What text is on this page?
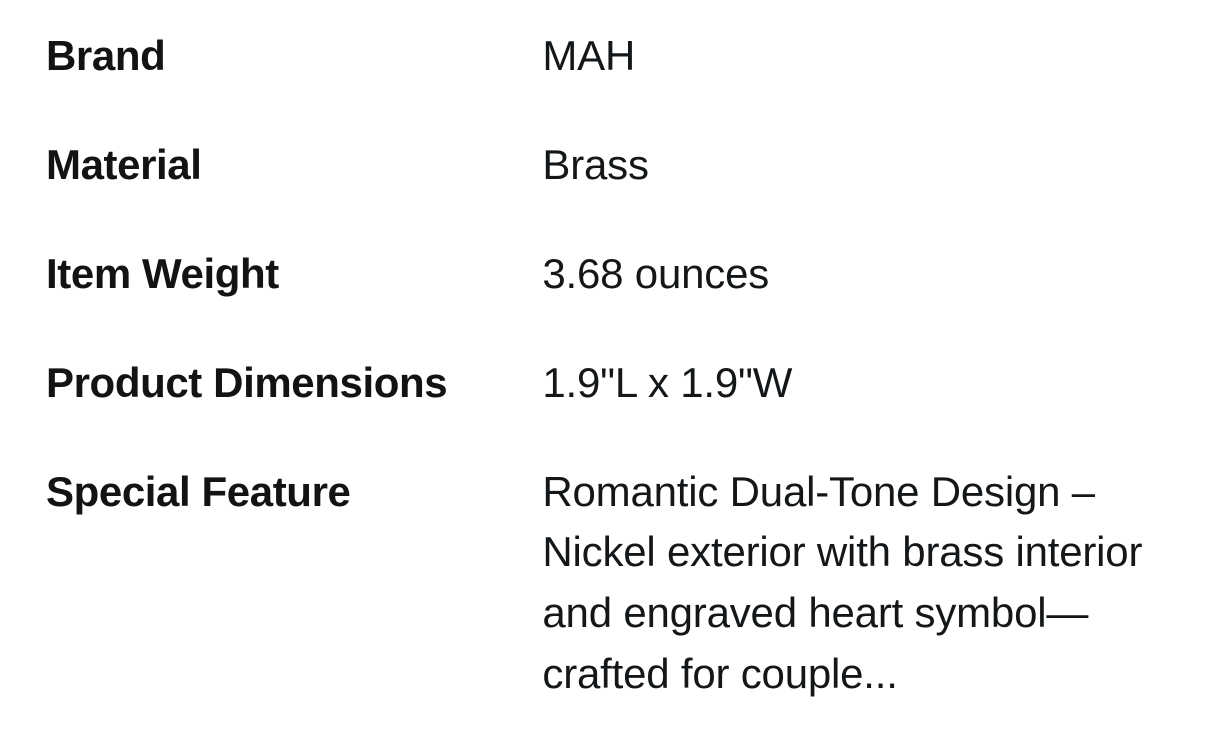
Brand	MAH
Material	Brass
Item Weight	3.68 ounces
Product Dimensions	1.9"L x 1.9"W
Special Feature	Romantic Dual-Tone Design – Nickel exterior with brass interior and engraved heart symbol—crafted for couple...
